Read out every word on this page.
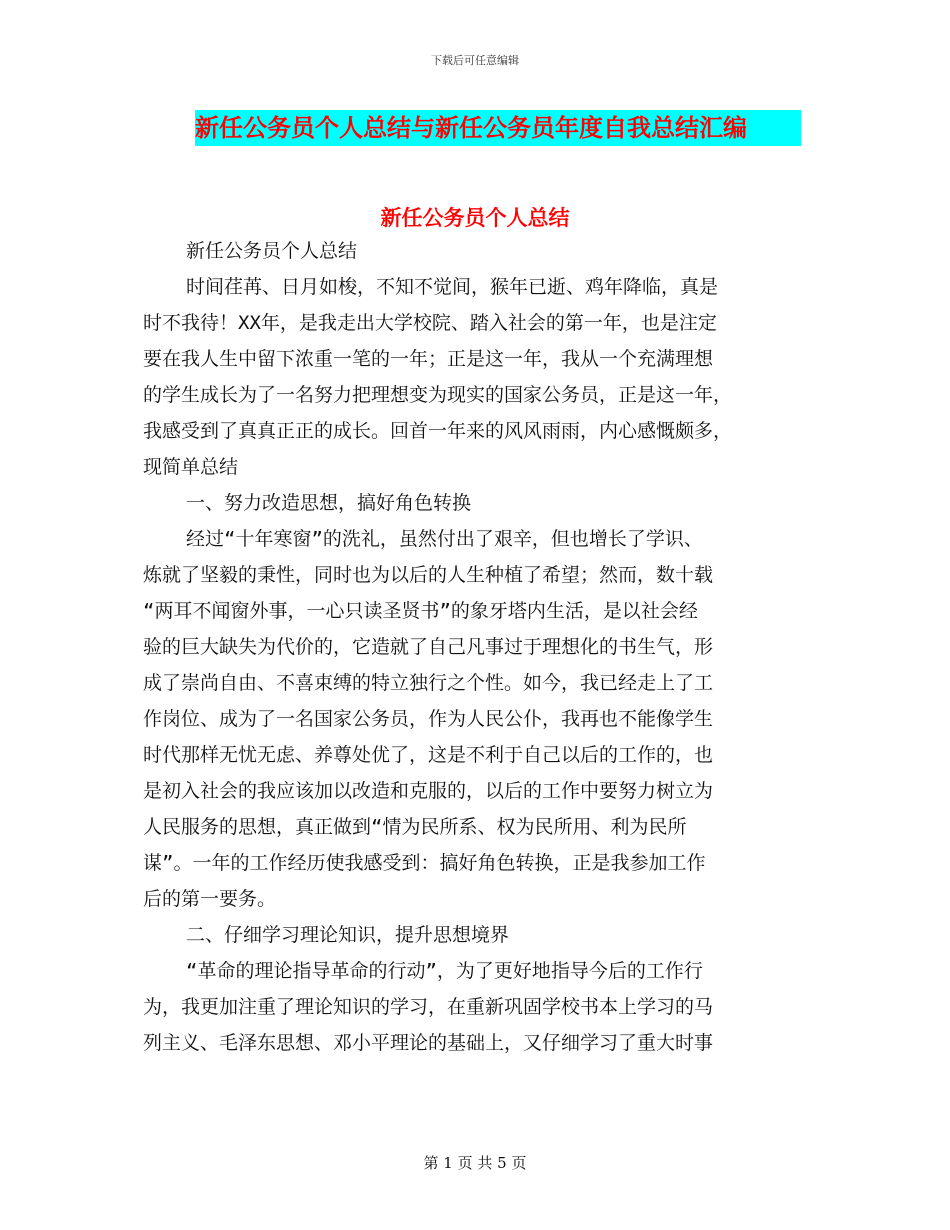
下载后可任意编辑
新任公务员个人总结与新任公务员年度自我总结汇编
新任公务员个人总结
新任公务员个人总结
时间荏苒、日月如梭，不知不觉间，猴年已逝、鸡年降临，真是
时不我待！XX年，是我走出大学校院、踏入社会的第一年，也是注定
要在我人生中留下浓重一笔的一年；正是这一年，我从一个充满理想
的学生成长为了一名努力把理想变为现实的国家公务员，正是这一年，
我感受到了真真正正的成长。回首一年来的风风雨雨，内心感慨颇多，
现简单总结
一、努力改造思想，搞好角色转换
经过“十年寒窗”的洗礼，虽然付出了艰辛，但也增长了学识、
炼就了坚毅的秉性，同时也为以后的人生种植了希望；然而，数十载
“两耳不闻窗外事，一心只读圣贤书”的象牙塔内生活，是以社会经
验的巨大缺失为代价的，它造就了自己凡事过于理想化的书生气，形
成了崇尚自由、不喜束缚的特立独行之个性。如今，我已经走上了工
作岗位、成为了一名国家公务员，作为人民公仆，我再也不能像学生
时代那样无忧无虑、养尊处优了，这是不利于自己以后的工作的，也
是初入社会的我应该加以改造和克服的，以后的工作中要努力树立为
人民服务的思想，真正做到“情为民所系、权为民所用、利为民所
谋”。一年的工作经历使我感受到：搞好角色转换，正是我参加工作
后的第一要务。
二、仔细学习理论知识，提升思想境界
“革命的理论指导革命的行动”，为了更好地指导今后的工作行
为，我更加注重了理论知识的学习，在重新巩固学校书本上学习的马
列主义、毛泽东思想、邓小平理论的基础上，又仔细学习了重大时事
第 1 页 共 5 页
